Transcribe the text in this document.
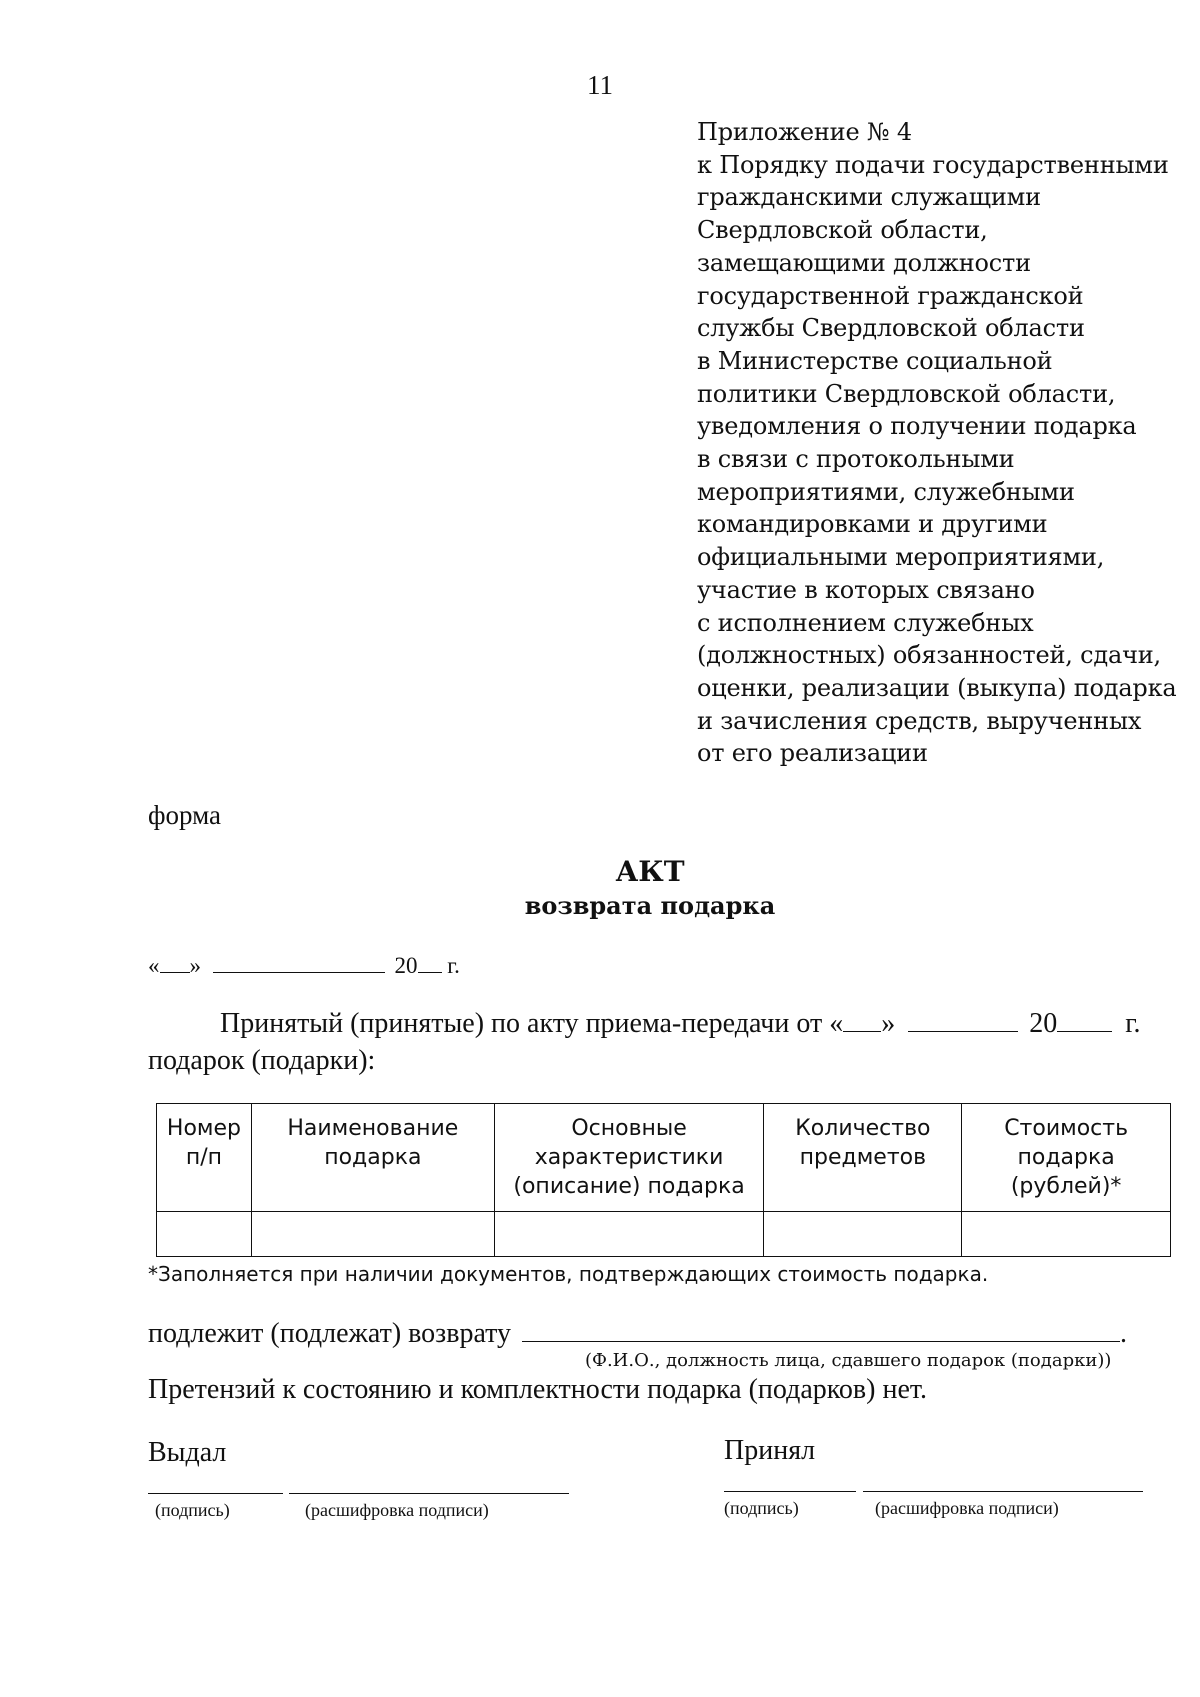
11
Приложение № 4
к Порядку подачи государственными
гражданскими служащими
Свердловской области,
замещающими должности
государственной гражданской
службы Свердловской области
в Министерстве социальной
политики Свердловской области,
уведомления о получении подарка
в связи с протокольными
мероприятиями, служебными
командировками и другими
официальными мероприятиями,
участие в которых связано
с исполнением служебных
(должностных) обязанностей, сдачи,
оценки, реализации (выкупа) подарка
и зачисления средств, вырученных
от его реализации
форма
АКТ
возврата подарка
« »	20 г.
Принятый (принятые) по акту приема-передачи от « »	20 г.
подарок (подарки):
Номер п/п	Наименование подарка	Основные характеристики (описание) подарка	Количество предметов	Стоимость подарка (рублей)*

*Заполняется при наличии документов, подтверждающих стоимость подарка.
подлежит (подлежат) возврату	.
(Ф.И.О., должность лица, сдавшего подарок (подарки))
Претензий к состоянию и комплектности подарка (подарков) нет.
Выдал
(подпись)	(расшифровка подписи)
Принял
(подпись)	(расшифровка подписи)
